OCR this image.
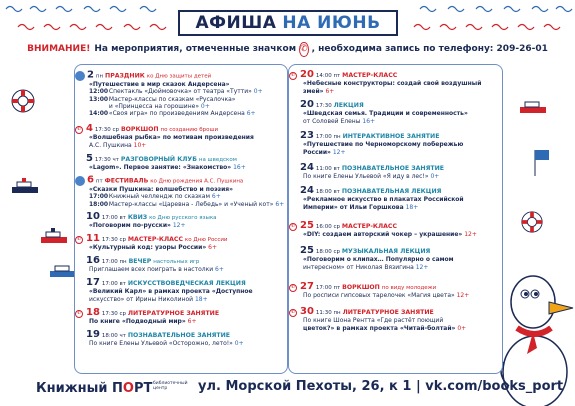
АФИША НА ИЮНЬ
ВНИМАНИЕ! На мероприятия, отмеченные значком ✆ , необходима запись по телефону: 209-26-01
2 пн ПРАЗДНИК ко Дню защиты детей
«Путешествие в мир сказок Андерсена»
12:00 Спектакль «Дюймовочка» от театра «Тутти» 0+
13:00 Мастер-классы по сказкам «Русалочка»
и «Принцесса на горошине» 0+
14:00 «Своя игра» по произведениям Андерсена 6+
✆ 4 17:30 ср ВОРКШОП по созданию броши
«Волшебная рыбка» по мотивам произведения
А.С. Пушкина 10+
5 17:30 чт РАЗГОВОРНЫЙ КЛУБ на шведском
«Lagom». Первое занятие: «Знакомство» 16+
6 пт ФЕСТИВАЛЬ ко Дню рождения А.С. Пушкина
«Сказки Пушкина: волшебство и поэзия»
17:00 Книжный челлендж по сказкам 6+
18:00 Мастер-классы «Царевна - Лебедь» и «Ученый кот» 6+
10 17:00 вт КВИЗ ко Дню русского языка
«Поговорим по-русски» 12+
✆ 11 17:30 ср МАСТЕР-КЛАСС ко Дню России
«Культурный код: узоры России» 6+
16 17:00 пн ВЕЧЕР настольных игр
Приглашаем всех поиграть в настолки 6+
17 17:00 вт ИСКУССТВОВЕДЧЕСКАЯ ЛЕКЦИЯ
«Великий Карл» в рамках проекта «Доступное
искусство» от Ирины Николиной 18+
✆ 18 17:30 ср ЛИТЕРАТУРНОЕ ЗАНЯТИЕ
По книге «Подводный мир» 6+
19 18:00 чт ПОЗНАВАТЕЛЬНОЕ ЗАНЯТИЕ
По книге Елены Ульевой «Осторожно, лето!» 0+
✆ 20 14:00 пт МАСТЕР-КЛАСС
«Небесные конструкторы: создай свой воздушный
змей» 6+
20 17:30 ЛЕКЦИЯ
«Шведская семья. Традиции и современность»
от Соловей Елены 16+
23 17:00 пн ИНТЕРАКТИВНОЕ ЗАНЯТИЕ
«Путешествие по Черноморскому побережью
России» 12+
24 11:00 вт ПОЗНАВАТЕЛЬНОЕ ЗАНЯТИЕ
По книге Елены Ульевой «Я иду в лес!» 0+
24 18:00 вт ПОЗНАВАТЕЛЬНАЯ ЛЕКЦИЯ
«Рекламное искусство в плакатах Российской
Империи» от Ильи Горшкова 18+
✆ 25 16:00 ср МАСТЕР-КЛАСС
«DIY: создаем авторский чокер – украшение» 12+
25 18:00 ср МУЗЫКАЛЬНАЯ ЛЕКЦИЯ
«Поговорим о клипах… Популярно о самом
интересном» от Николая Вязигина 12+
✆ 27 17:00 пт ВОРКШОП по виду молодежи
По росписи гипсовых тарелочек «Магия цвета» 12+
✆ 30 11:30 пн ЛИТЕРАТУРНОЕ ЗАНЯТИЕ
По книге Шона Рентта «Где растёт поющий
цветок?» в рамках проекта «Читай-болтай» 0+
Книжный ПОРТ библиотечный центр	ул. Морской Пехоты, 26, к 1 | vk.com/books_port
